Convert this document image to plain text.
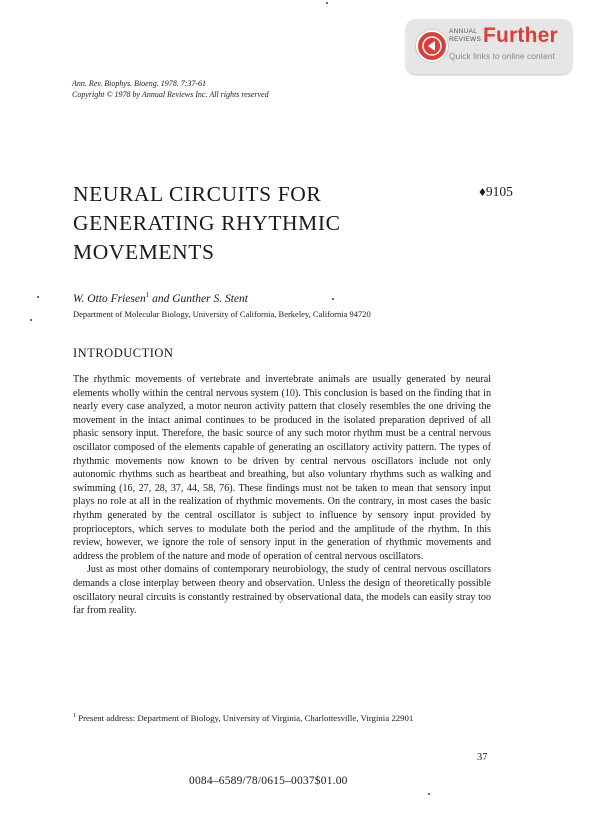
ANNUAL
REVIEWS Further
Quick links to online content
Ann. Rev. Biophys. Bioeng. 1978. 7:37-61
Copyright © 1978 by Annual Reviews Inc. All rights reserved
NEURAL CIRCUITS FOR
GENERATING RHYTHMIC
MOVEMENTS
♦9105
W. Otto Friesen$^1$ and Gunther S. Stent
Department of Molecular Biology, University of California, Berkeley, California 94720
INTRODUCTION

The rhythmic movements of vertebrate and invertebrate animals are usually generated by neural elements wholly within the central nervous system (10). This conclusion is based on the finding that in nearly every case analyzed, a motor neuron activity pattern that closely resembles the one driving the movement in the intact animal continues to be produced in the isolated preparation deprived of all phasic sensory input. Therefore, the basic source of any such motor rhythm must be a central nervous oscillator composed of the elements capable of generating an oscillatory activity pattern. The types of rhythmic movements now known to be driven by central nervous oscillators include not only autonomic rhythms such as heartbeat and breathing, but also voluntary rhythms such as walking and swimming (16, 27, 28, 37, 44, 58, 76). These findings must not be taken to mean that sensory input plays no role at all in the realization of rhythmic movements. On the contrary, in most cases the basic rhythm generated by the central oscillator is subject to influence by sensory input provided by proprioceptors, which serves to modulate both the period and the amplitude of the rhythm. In this review, however, we ignore the role of sensory input in the generation of rhythmic movements and address the problem of the nature and mode of operation of central nervous oscillators.

Just as most other domains of contemporary neurobiology, the study of central nervous oscillators demands a close interplay between theory and observation. Unless the design of theoretically possible oscillatory neural circuits is constantly restrained by observational data, the models can easily stray too far from reality.

$^1$ Present address: Department of Biology, University of Virginia, Charlottesville, Virginia 22901
37
0084–6589/78/0615–0037$01.00
